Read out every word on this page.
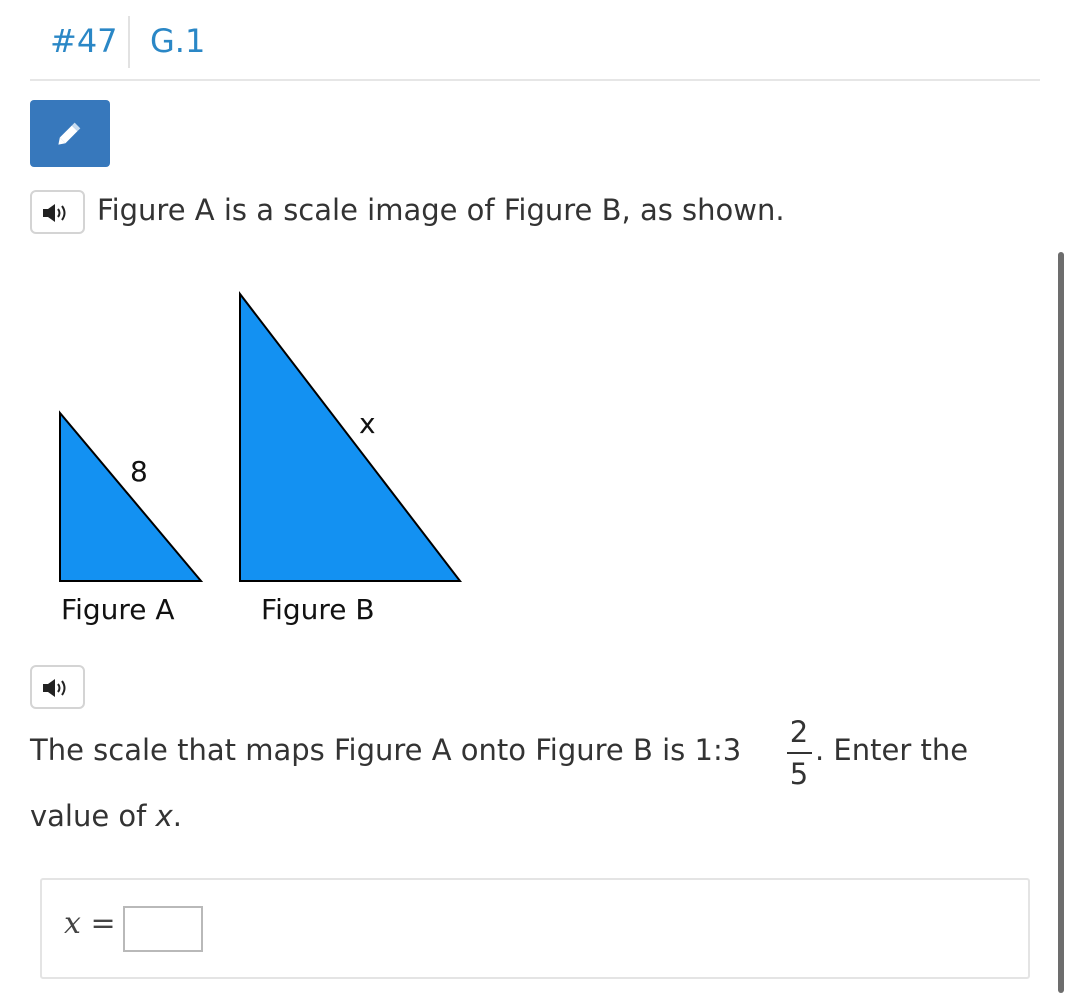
#47 G.1
Figure A is a scale image of Figure B, as shown.
8
x
Figure A	Figure B
The scale that maps Figure A onto Figure B is 1:3
2
5
. Enter the
value of x.
x =
